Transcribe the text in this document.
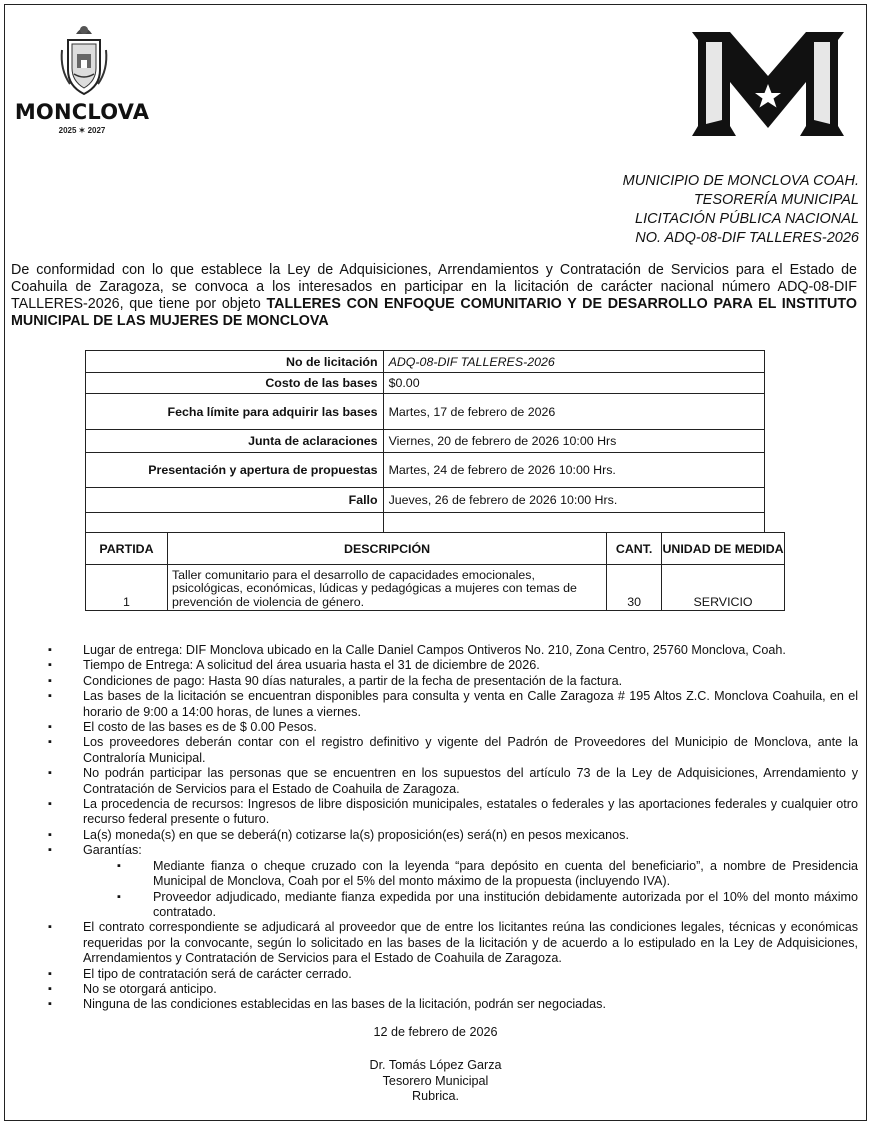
MONCLOVA
2025 ✶ 2027
MUNICIPIO DE MONCLOVA COAH.
TESORERÍA MUNICIPAL
LICITACIÓN PÚBLICA NACIONAL
NO. ADQ-08-DIF TALLERES-2026

De conformidad con lo que establece la Ley de Adquisiciones, Arrendamientos y Contratación de Servicios para el Estado de Coahuila de Zaragoza, se convoca a los interesados en participar en la licitación de carácter nacional número ADQ-08-DIF TALLERES-2026, que tiene por objeto TALLERES CON ENFOQUE COMUNITARIO Y DE DESARROLLO PARA EL INSTITUTO MUNICIPAL DE LAS MUJERES DE MONCLOVA

No de licitación	ADQ-08-DIF TALLERES-2026
Costo de las bases	$0.00
Fecha límite para adquirir las bases	Martes, 17 de febrero de 2026
Junta de aclaraciones	Viernes, 20 de febrero de 2026 10:00 Hrs
Presentación y apertura de propuestas	Martes, 24 de febrero de 2026 10:00 Hrs.
Fallo	Jueves, 26 de febrero de 2026 10:00 Hrs.

PARTIDA	DESCRIPCIÓN	CANT.	UNIDAD DE MEDIDA
1	Taller comunitario para el desarrollo de capacidades emocionales, psicológicas, económicas, lúdicas y pedagógicas a mujeres con temas de prevención de violencia de género.	30	SERVICIO
▪ Lugar de entrega: DIF Monclova ubicado en la Calle Daniel Campos Ontiveros No. 210, Zona Centro, 25760 Monclova, Coah.
▪ Tiempo de Entrega: A solicitud del área usuaria hasta el 31 de diciembre de 2026.
▪ Condiciones de pago: Hasta 90 días naturales, a partir de la fecha de presentación de la factura.
▪ Las bases de la licitación se encuentran disponibles para consulta y venta en Calle Zaragoza # 195 Altos Z.C. Monclova Coahuila, en el horario de 9:00 a 14:00 horas, de lunes a viernes.
▪ El costo de las bases es de $ 0.00 Pesos.
▪ Los proveedores deberán contar con el registro definitivo y vigente del Padrón de Proveedores del Municipio de Monclova, ante la Contraloría Municipal.
▪ No podrán participar las personas que se encuentren en los supuestos del artículo 73 de la Ley de Adquisiciones, Arrendamiento y Contratación de Servicios para el Estado de Coahuila de Zaragoza.
▪ La procedencia de recursos: Ingresos de libre disposición municipales, estatales o federales y las aportaciones federales y cualquier otro recurso federal presente o futuro.
▪ La(s) moneda(s) en que se deberá(n) cotizarse la(s) proposición(es) será(n) en pesos mexicanos.
▪ Garantías:
▪ Mediante fianza o cheque cruzado con la leyenda “para depósito en cuenta del beneficiario”, a nombre de Presidencia Municipal de Monclova, Coah por el 5% del monto máximo de la propuesta (incluyendo IVA).
▪ Proveedor adjudicado, mediante fianza expedida por una institución debidamente autorizada por el 10% del monto máximo contratado.
▪ El contrato correspondiente se adjudicará al proveedor que de entre los licitantes reúna las condiciones legales, técnicas y económicas requeridas por la convocante, según lo solicitado en las bases de la licitación y de acuerdo a lo estipulado en la Ley de Adquisiciones, Arrendamientos y Contratación de Servicios para el Estado de Coahuila de Zaragoza.
▪ El tipo de contratación será de carácter cerrado.
▪ No se otorgará anticipo.
▪ Ninguna de las condiciones establecidas en las bases de la licitación, podrán ser negociadas.
12 de febrero de 2026
Dr. Tomás López Garza
Tesorero Municipal
Rubrica.
